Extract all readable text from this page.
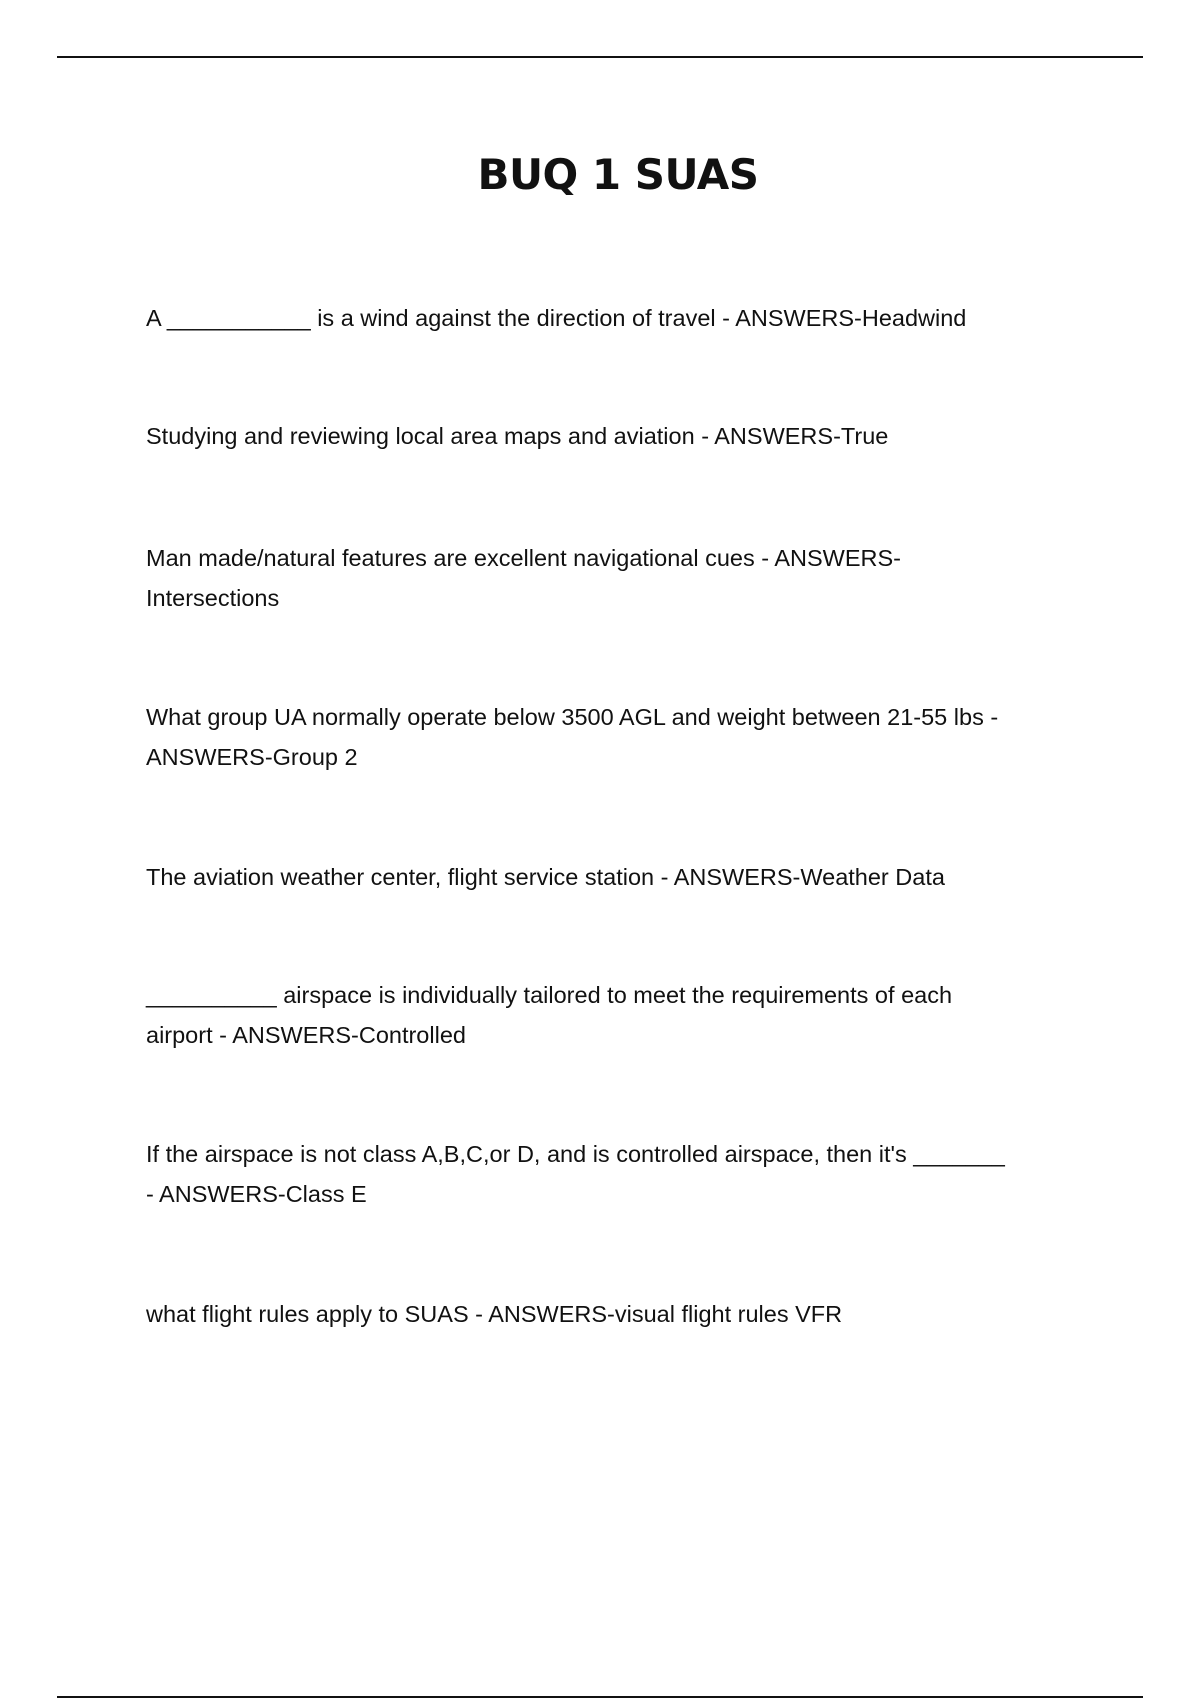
BUQ 1 SUAS

A ___________ is a wind against the direction of travel - ANSWERS-Headwind

Studying and reviewing local area maps and aviation - ANSWERS-True

Man made/natural features are excellent navigational cues - ANSWERS-
Intersections

What group UA normally operate below 3500 AGL and weight between 21-55 lbs -
ANSWERS-Group 2

The aviation weather center, flight service station - ANSWERS-Weather Data

__________ airspace is individually tailored to meet the requirements of each
airport - ANSWERS-Controlled

If the airspace is not class A,B,C,or D, and is controlled airspace, then it's _______
- ANSWERS-Class E

what flight rules apply to SUAS - ANSWERS-visual flight rules VFR
